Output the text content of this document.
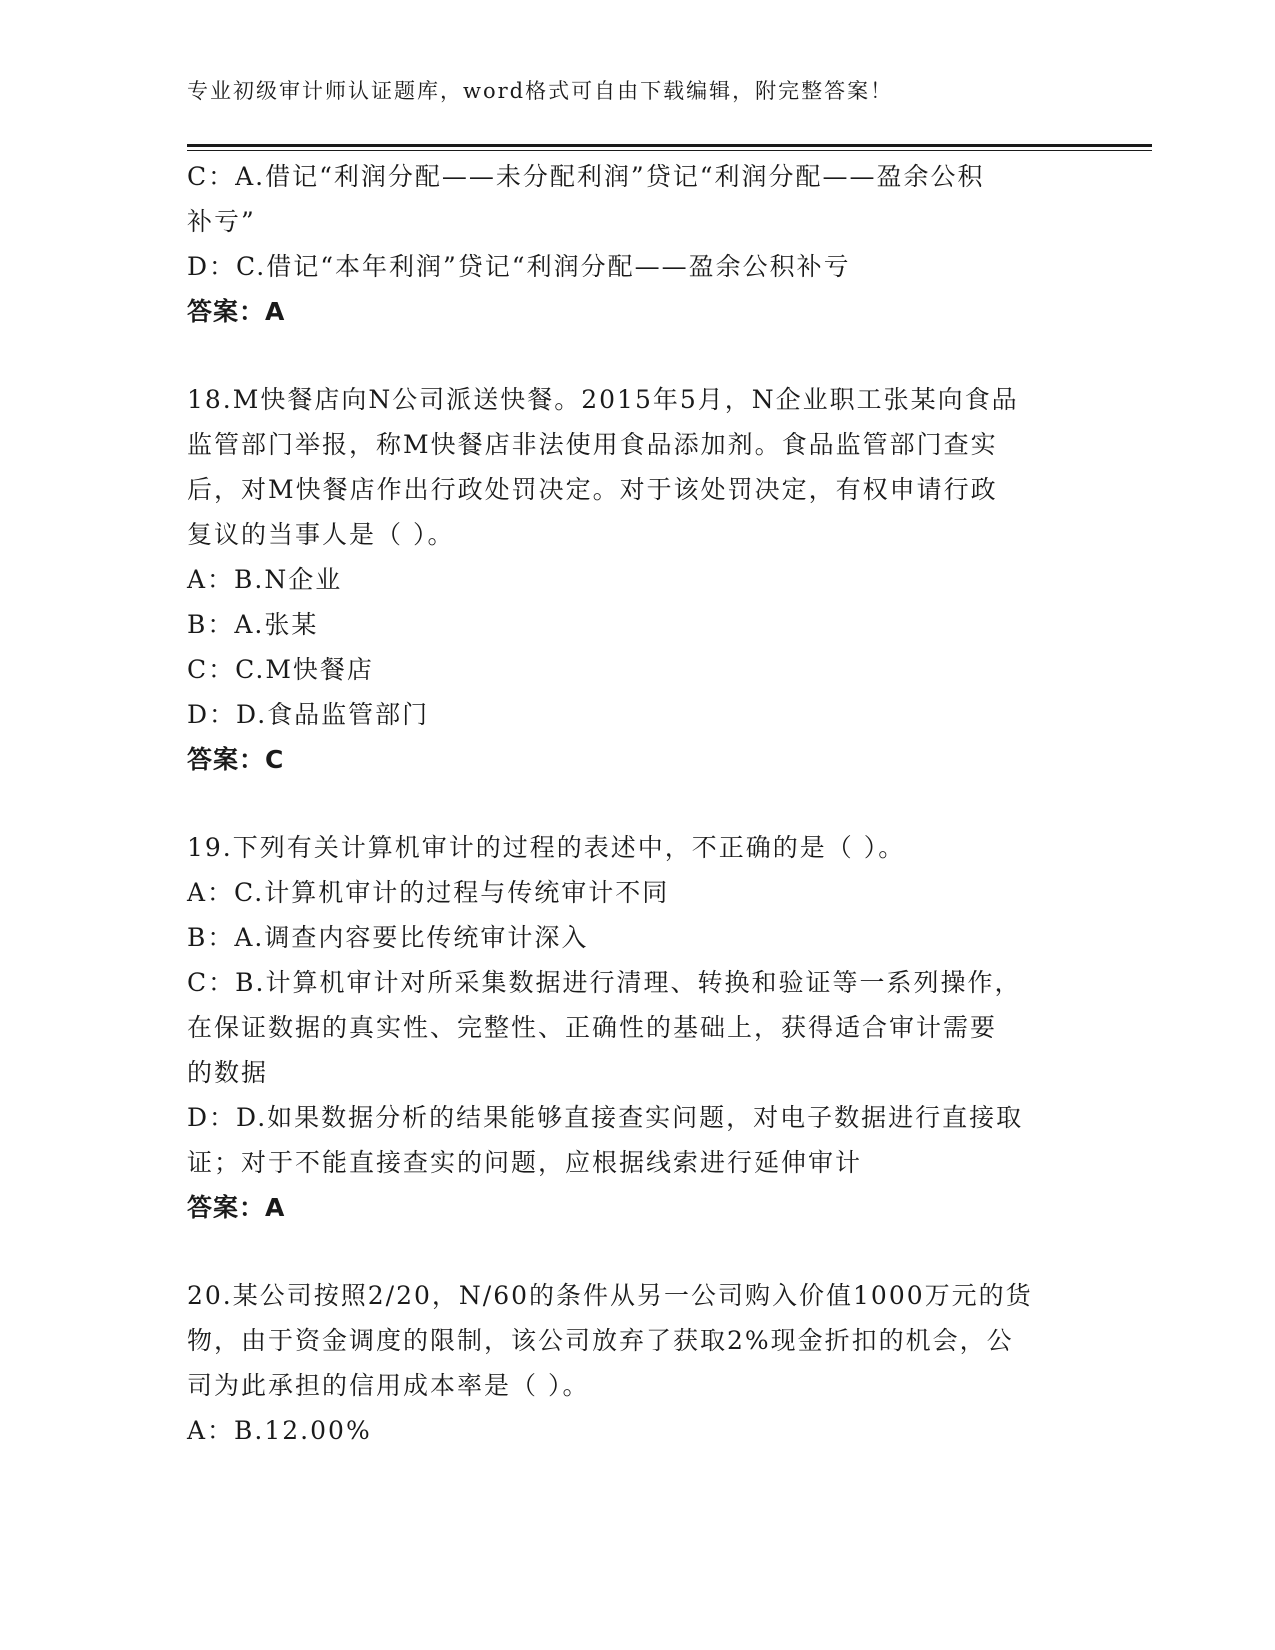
专业初级审计师认证题库，word格式可自由下载编辑，附完整答案！
C：A.借记“利润分配——未分配利润”贷记“利润分配——盈余公积
补亏”
D：C.借记“本年利润”贷记“利润分配——盈余公积补亏
答案：A
18.M快餐店向N公司派送快餐。2015年5月，N企业职工张某向食品
监管部门举报，称M快餐店非法使用食品添加剂。食品监管部门查实
后，对M快餐店作出行政处罚决定。对于该处罚决定，有权申请行政
复议的当事人是（ ）。
A：B.N企业
B：A.张某
C：C.M快餐店
D：D.食品监管部门
答案：C
19.下列有关计算机审计的过程的表述中，不正确的是（ ）。
A：C.计算机审计的过程与传统审计不同
B：A.调查内容要比传统审计深入
C：B.计算机审计对所采集数据进行清理、转换和验证等一系列操作，
在保证数据的真实性、完整性、正确性的基础上，获得适合审计需要
的数据
D：D.如果数据分析的结果能够直接查实问题，对电子数据进行直接取
证；对于不能直接查实的问题，应根据线索进行延伸审计
答案：A
20.某公司按照2/20，N/60的条件从另一公司购入价值1000万元的货
物，由于资金调度的限制，该公司放弃了获取2%现金折扣的机会，公
司为此承担的信用成本率是（ ）。
A：B.12.00%
